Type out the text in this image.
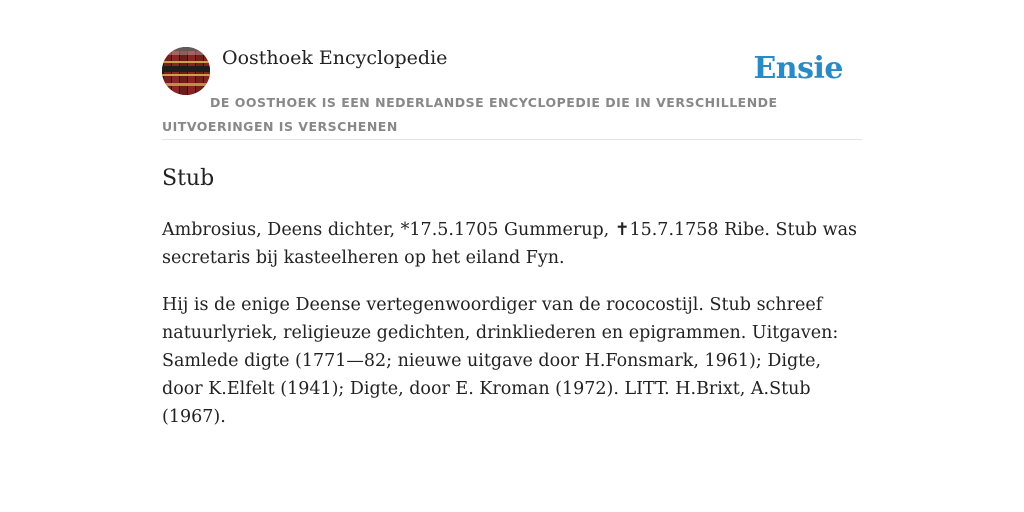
Oosthoek Encyclopedie	Ensie
DE OOSTHOEK IS EEN NEDERLANDSE ENCYCLOPEDIE DIE IN VERSCHILLENDE UITVOERINGEN IS VERSCHENEN
Stub

Ambrosius, Deens dichter, *17.5.1705 Gummerup, ✝15.7.1758 Ribe. Stub was secretaris bij kasteelheren op het eiland Fyn.

Hij is de enige Deense vertegenwoordiger van de rococostijl. Stub schreef natuurlyriek, religieuze gedichten, drinkliederen en epigrammen. Uitgaven: Samlede digte (1771—82; nieuwe uitgave door H.Fonsmark, 1961); Digte, door K.Elfelt (1941); Digte, door E. Kroman (1972). LITT. H.Brixt, A.Stub (1967).
